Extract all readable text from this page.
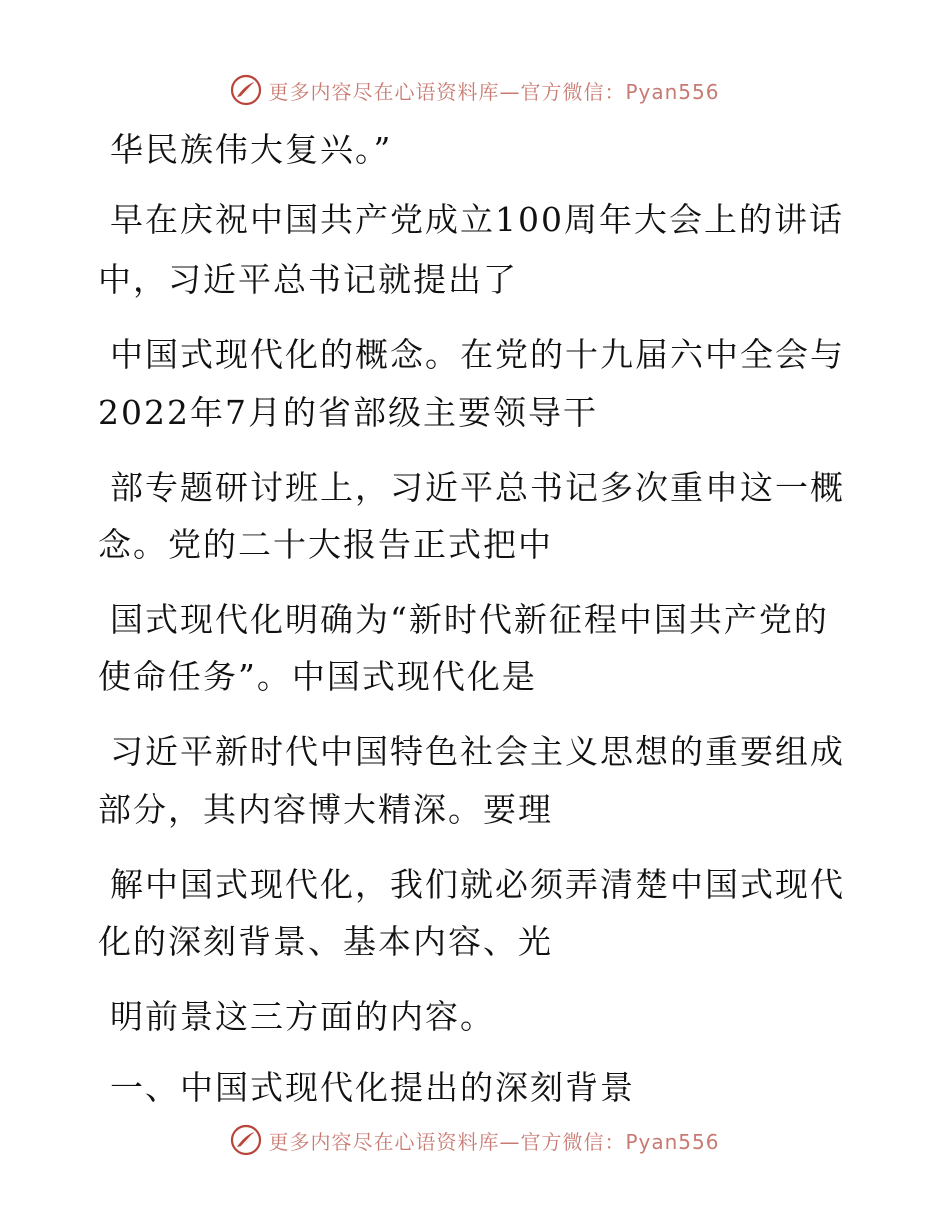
更多内容尽在心语资料库—官方微信：Pyan556
华民族伟大复兴。”
早在庆祝中国共产党成立100周年大会上的讲话
中，习近平总书记就提出了
中国式现代化的概念。在党的十九届六中全会与
2022年7月的省部级主要领导干
部专题研讨班上，习近平总书记多次重申这一概
念。党的二十大报告正式把中
国式现代化明确为“新时代新征程中国共产党的
使命任务”。中国式现代化是
习近平新时代中国特色社会主义思想的重要组成
部分，其内容博大精深。要理
解中国式现代化，我们就必须弄清楚中国式现代
化的深刻背景、基本内容、光
明前景这三方面的内容。
一、中国式现代化提出的深刻背景
更多内容尽在心语资料库—官方微信：Pyan556
